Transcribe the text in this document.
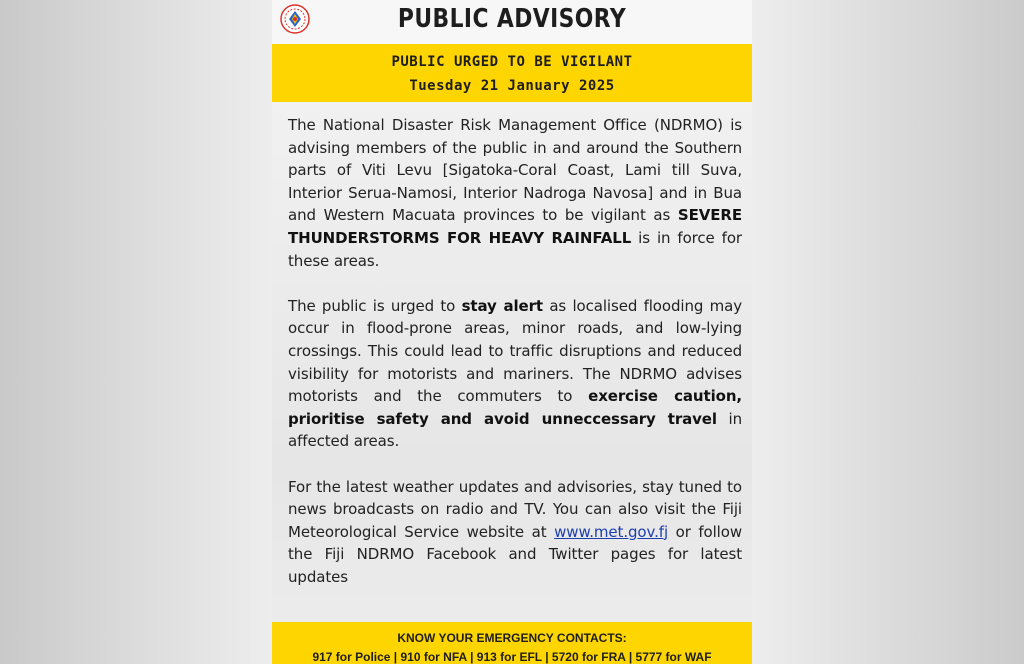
PUBLIC ADVISORY
PUBLIC URGED TO BE VIGILANT
Tuesday 21 January 2025

The National Disaster Risk Management Office (NDRMO) is advising members of the public in and around the Southern parts of Viti Levu [Sigatoka-Coral Coast, Lami till Suva, Interior Serua-Namosi, Interior Nadroga Navosa] and in Bua and Western Macuata provinces to be vigilant as SEVERE THUNDERSTORMS FOR HEAVY RAINFALL is in force for these areas.

The public is urged to stay alert as localised flooding may occur in flood-prone areas, minor roads, and low-lying crossings. This could lead to traffic disruptions and reduced visibility for motorists and mariners. The NDRMO advises motorists and the commuters to exercise caution, prioritise safety and avoid unneccessary travel in affected areas.

For the latest weather updates and advisories, stay tuned to news broadcasts on radio and TV. You can also visit the Fiji Meteorological Service website at www.met.gov.fj or follow the Fiji NDRMO Facebook and Twitter pages for latest updates

KNOW YOUR EMERGENCY CONTACTS:
917 for Police | 910 for NFA | 913 for EFL | 5720 for FRA | 5777 for WAF
